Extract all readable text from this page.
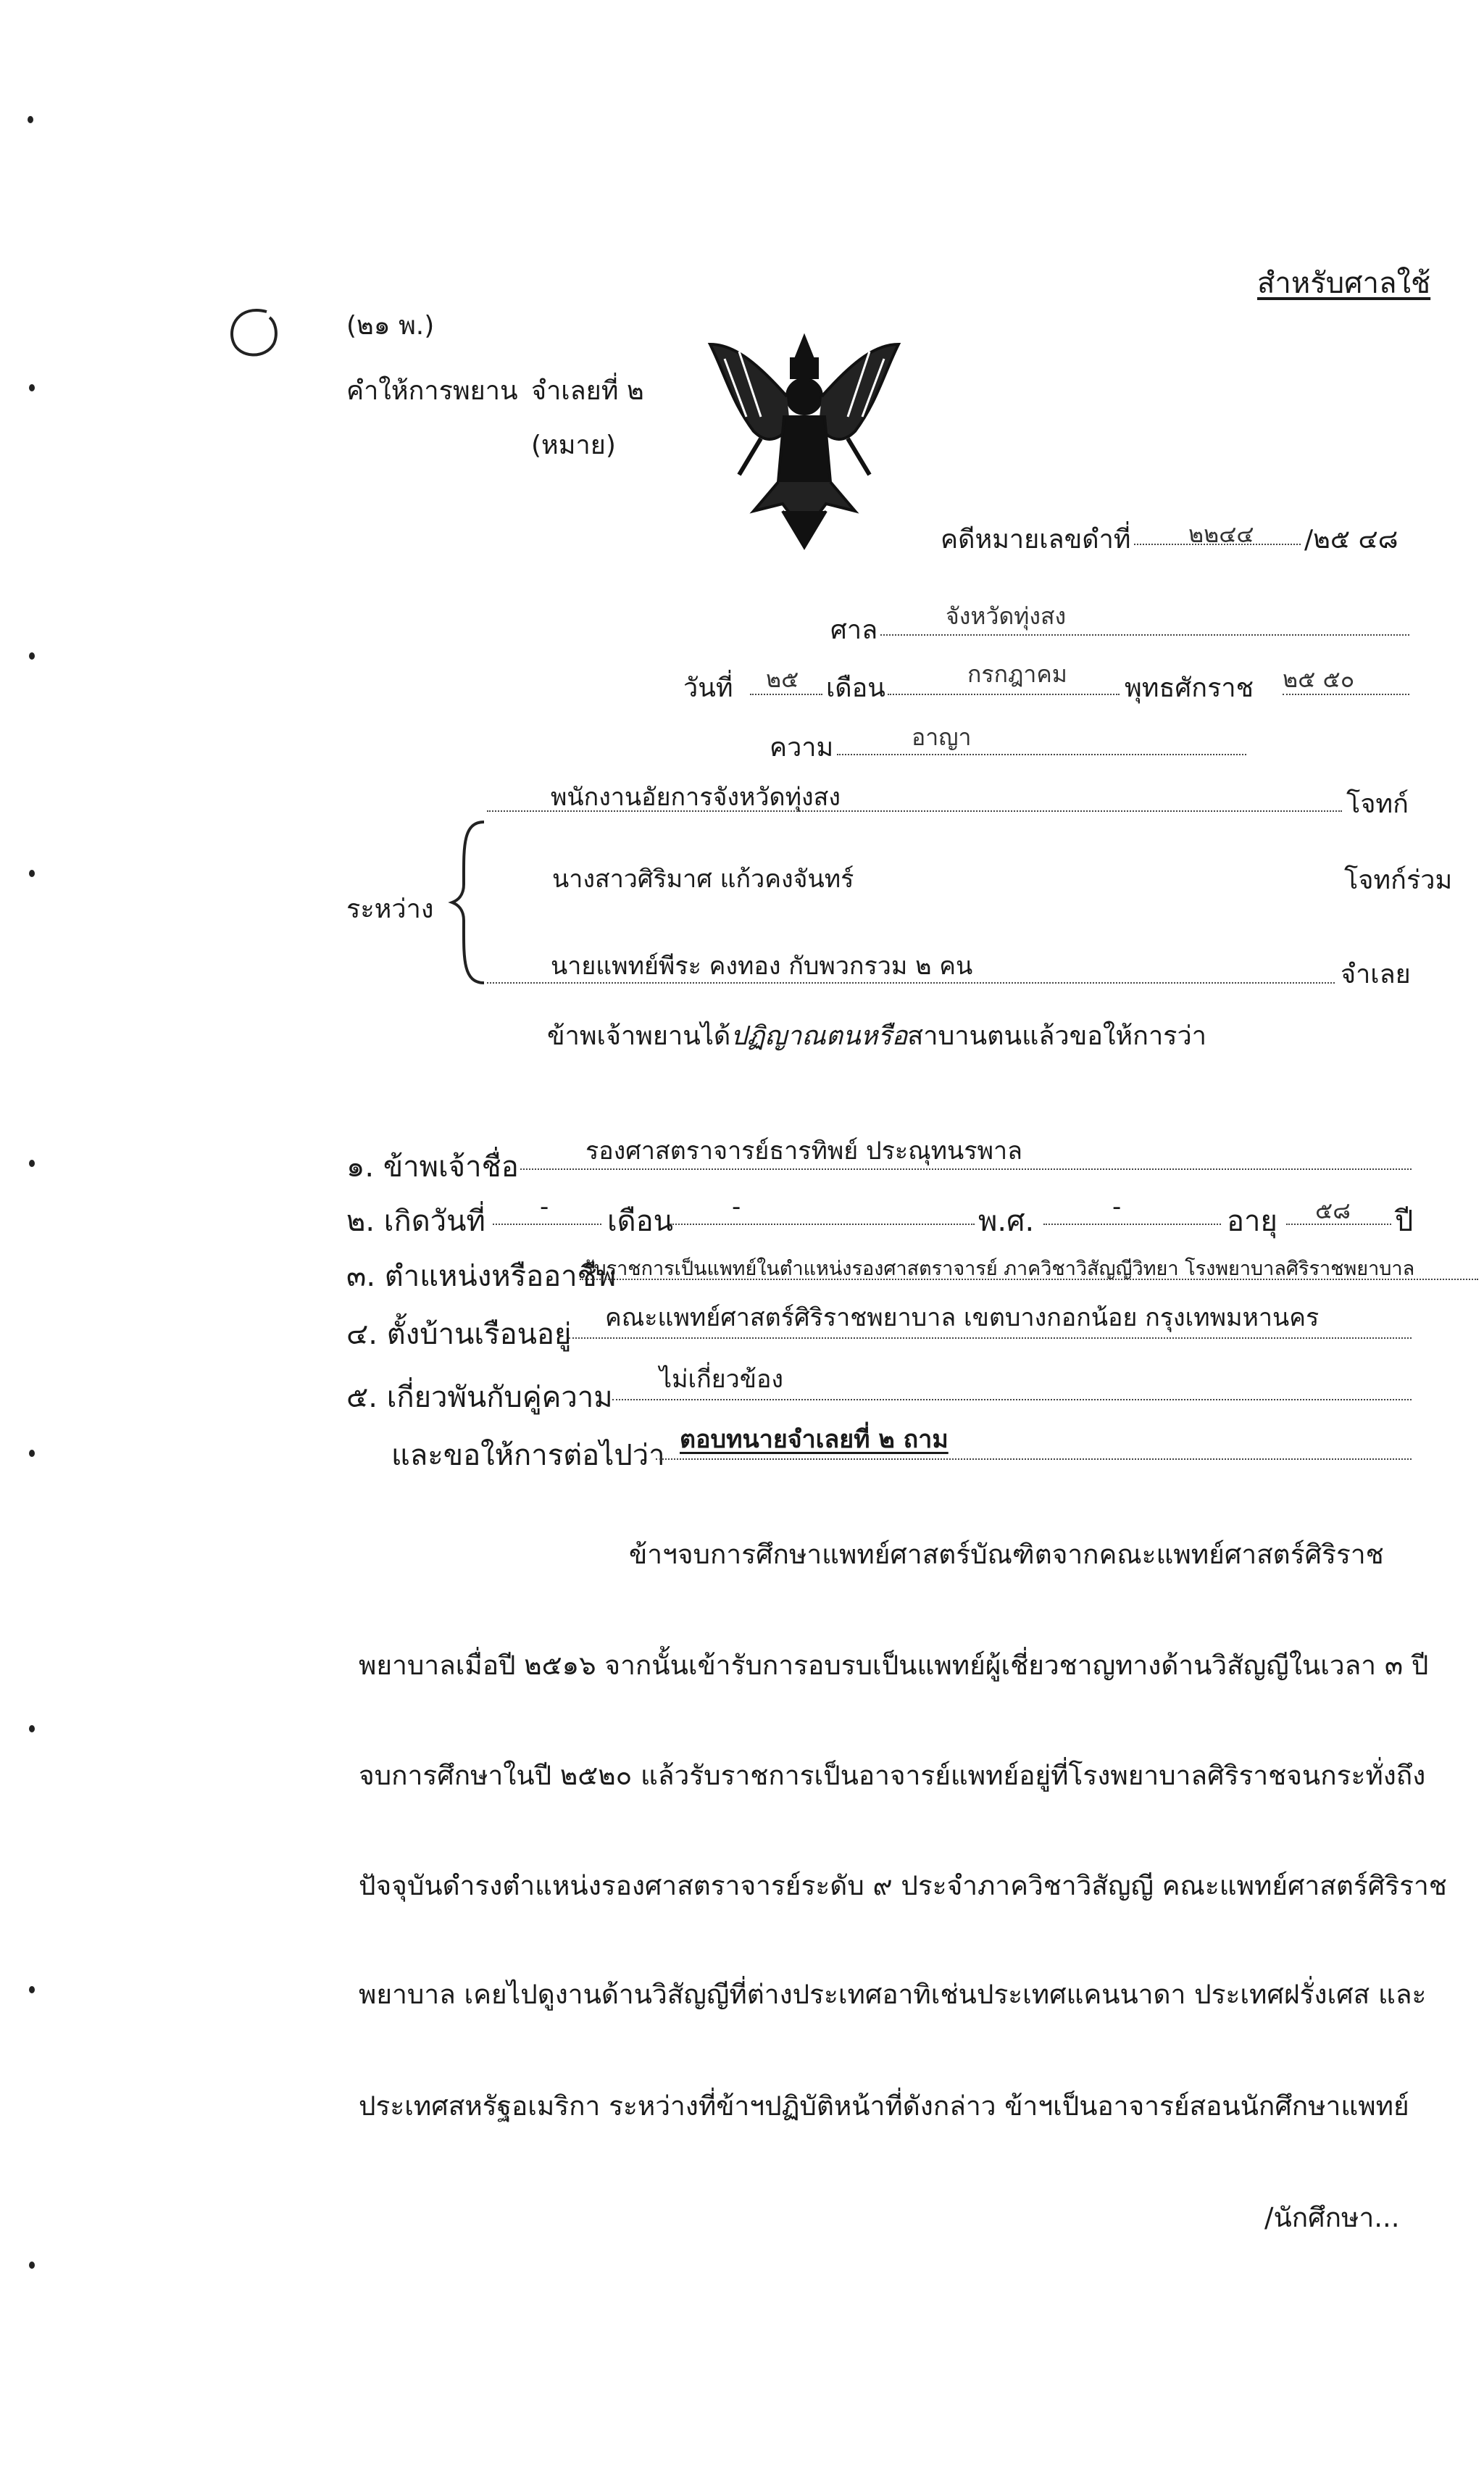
สำหรับศาลใช้
(๒๑ พ.)
คำให้การพยาน จำเลยที่ ๒
(หมาย)
คดีหมายเลขดำที่ ๒๒๔๔ /๒๕ ๔๘
ศาล	จังหวัดทุ่งสง
วันที่ ๒๕ เดือน	กรกฎาคม พุทธศักราช ๒๕ ๕๐
ความ	อาญา
ระหว่าง
พนักงานอัยการจังหวัดทุ่งสง	โจทก์
นางสาวศิริมาศ แก้วคงจันทร์	โจทก์ร่วม
นายแพทย์พีระ คงทอง กับพวกรวม ๒ คน	จำเลย
ข้าพเจ้าพยานได้ปฏิญาณตนหรือสาบานตนแล้วขอให้การว่า
๑. ข้าพเจ้าชื่อ	รองศาสตราจารย์ธารทิพย์ ประณุทนรพาล
๒. เกิดวันที่ - เดือน -	พ.ศ.	-	อายุ ๕๘ ปี
๓. ตำแหน่งหรืออาชีพ
รับราชการเป็นแพทย์ในตำแหน่งรองศาสตราจารย์ ภาควิชาวิสัญญีวิทยา โรงพยาบาลศิริราชพยาบาล
๔. ตั้งบ้านเรือนอยู่ คณะแพทย์ศาสตร์ศิริราชพยาบาล เขตบางกอกน้อย กรุงเทพมหานคร
๕. เกี่ยวพันกับคู่ความ
ไม่เกี่ยวข้อง
และขอให้การต่อไปว่า ตอบทนายจำเลยที่ ๒ ถาม
ข้าฯจบการศึกษาแพทย์ศาสตร์บัณฑิตจากคณะแพทย์ศาสตร์ศิริราช
พยาบาลเมื่อปี ๒๕๑๖ จากนั้นเข้ารับการอบรบเป็นแพทย์ผู้เชี่ยวชาญทางด้านวิสัญญีในเวลา ๓ ปี
จบการศึกษาในปี ๒๕๒๐ แล้วรับราชการเป็นอาจารย์แพทย์อยู่ที่โรงพยาบาลศิริราชจนกระทั่งถึง
ปัจจุบันดำรงตำแหน่งรองศาสตราจารย์ระดับ ๙ ประจำภาควิชาวิสัญญี คณะแพทย์ศาสตร์ศิริราช
พยาบาล เคยไปดูงานด้านวิสัญญีที่ต่างประเทศอาทิเช่นประเทศแคนนาดา ประเทศฝรั่งเศส และ
ประเทศสหรัฐอเมริกา ระหว่างที่ข้าฯปฏิบัติหน้าที่ดังกล่าว ข้าฯเป็นอาจารย์สอนนักศึกษาแพทย์
/นักศึกษา...
